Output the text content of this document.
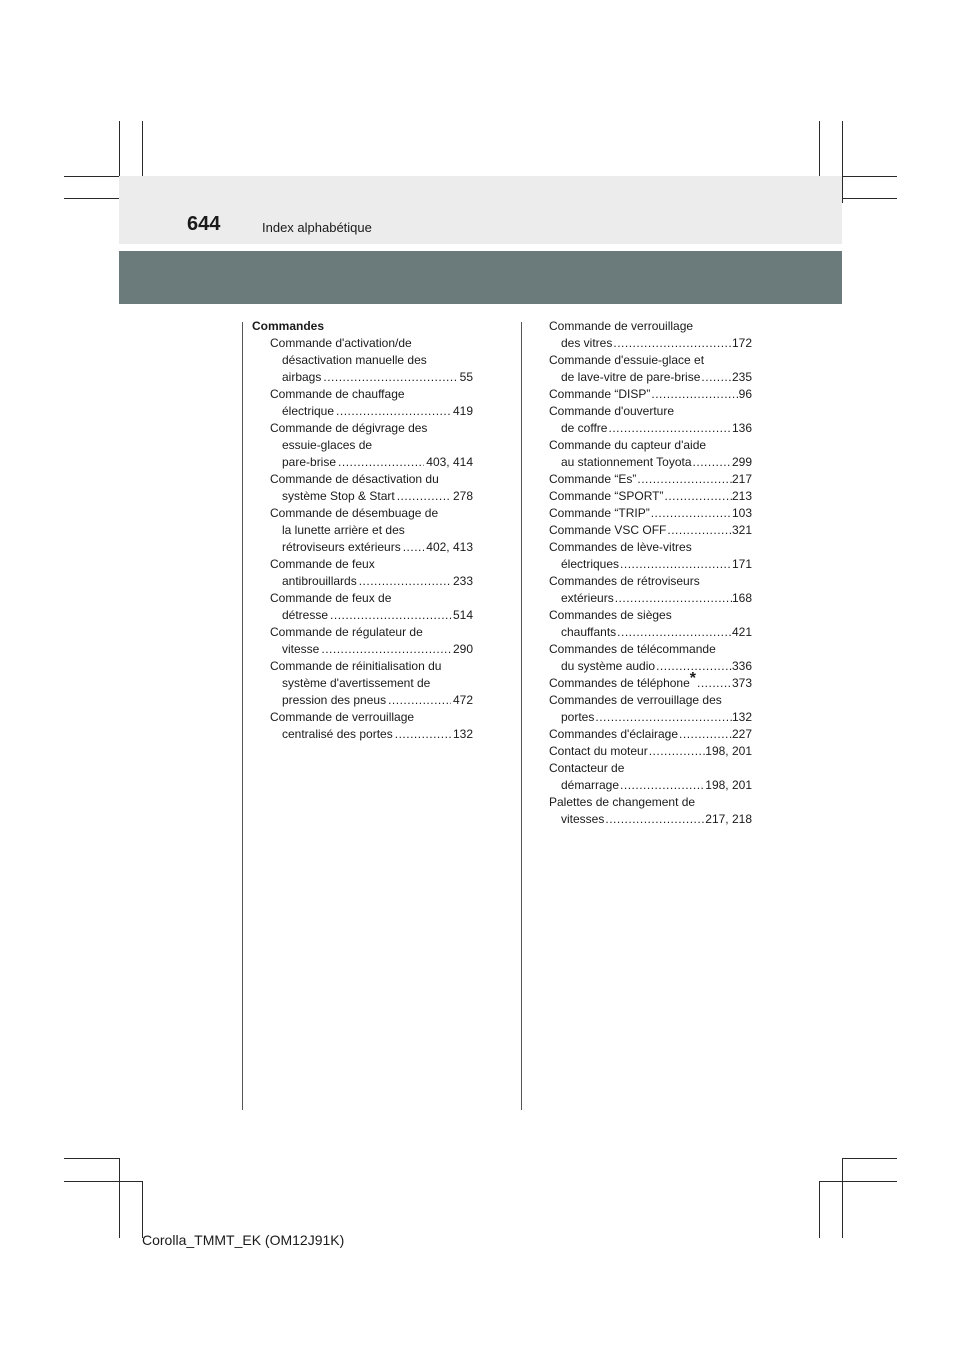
644	Index alphabétique
Commandes
Commande d'activation/de
désactivation manuelle des
airbags .....	55
Commande de chauffage
électrique .....	419
Commande de dégivrage des
essuie-glaces de
pare-brise .....	403, 414
Commande de désactivation du
système Stop & Start .....	278
Commande de désembuage de
la lunette arrière et des
rétroviseurs extérieurs ..... 402, 413
Commande de feux
antibrouillards .....	233
Commande de feux de
détresse .....	514
Commande de régulateur de
vitesse .....	290
Commande de réinitialisation du
système d'avertissement de
pression des pneus .....	472
Commande de verrouillage
centralisé des portes .....	132
Commande de verrouillage
des vitres .....	172
Commande d'essuie-glace et
de lave-vitre de pare-brise .....	235
Commande “DISP” .....	96
Commande d'ouverture
de coffre .....	136
Commande du capteur d'aide
au stationnement Toyota .....	299
Commande “Es” .....	217
Commande “SPORT” .....	213
Commande “TRIP” .....	103
Commande VSC OFF .....	321
Commandes de lève-vitres
électriques .....	171
Commandes de rétroviseurs
extérieurs .....	168
Commandes de sièges
chauffants .....	421
Commandes de télécommande
du système audio .....	336
Commandes de téléphone* .....	373
Commandes de verrouillage des
portes .....	132
Commandes d'éclairage .....	227
Contact du moteur .....	198, 201
Contacteur de
démarrage .....	198, 201
Palettes de changement de
vitesses .....	217, 218
Corolla_TMMT_EK (OM12J91K)
